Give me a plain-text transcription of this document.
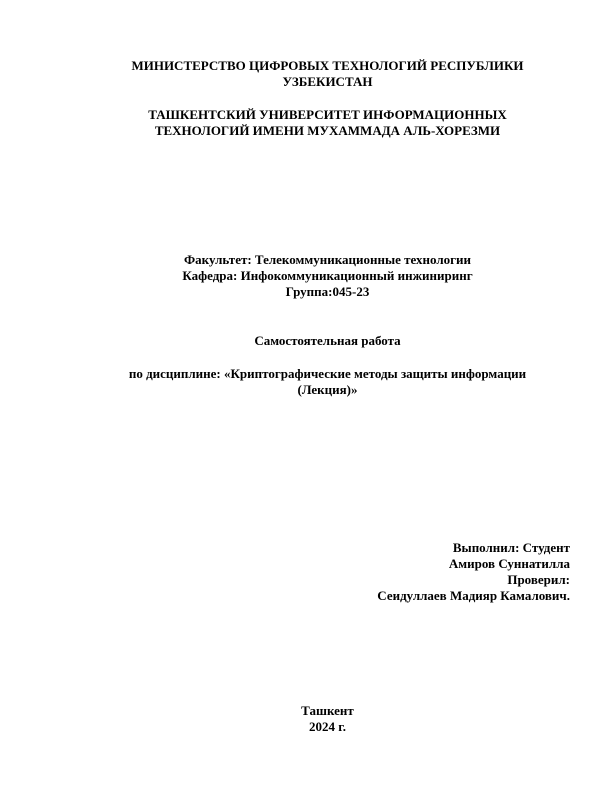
МИНИСТЕРСТВО ЦИФРОВЫХ ТЕХНОЛОГИЙ РЕСПУБЛИКИ
УЗБЕКИСТАН
ТАШКЕНТСКИЙ УНИВЕРСИТЕТ ИНФОРМАЦИОННЫХ
ТЕХНОЛОГИЙ ИМЕНИ МУХАММАДА АЛЬ-ХОРЕЗМИ
Факультет: Телекоммуникационные технологии
Кафедра: Инфокоммуникационный инжиниринг
Группа:045-23
Самостоятельная работа
по дисциплине: «Криптографические методы защиты информации
(Лекция)»
Выполнил: Студент
Амиров Суннатилла
Проверил:
Сеидуллаев Мадияр Камалович.
Ташкент
2024 г.
